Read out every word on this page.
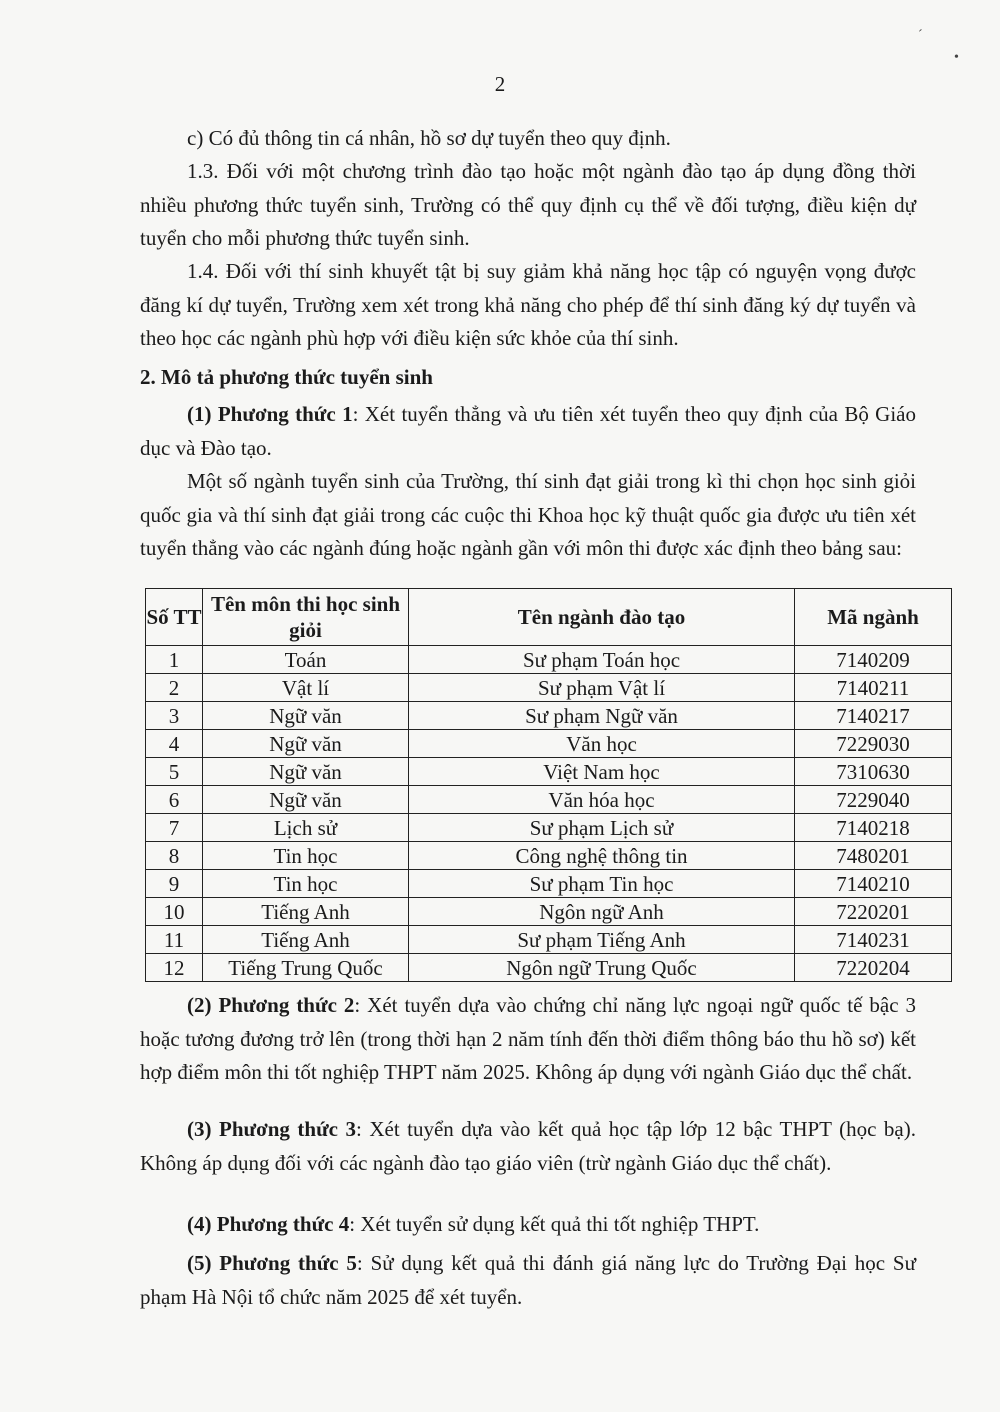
ˊ
•
2

c) Có đủ thông tin cá nhân, hồ sơ dự tuyển theo quy định.

1.3. Đối với một chương trình đào tạo hoặc một ngành đào tạo áp dụng đồng thời nhiều phương thức tuyển sinh, Trường có thể quy định cụ thể về đối tượng, điều kiện dự tuyển cho mỗi phương thức tuyển sinh.

1.4. Đối với thí sinh khuyết tật bị suy giảm khả năng học tập có nguyện vọng được đăng kí dự tuyển, Trường xem xét trong khả năng cho phép để thí sinh đăng ký dự tuyển và theo học các ngành phù hợp với điều kiện sức khỏe của thí sinh.

2. Mô tả phương thức tuyển sinh

(1) Phương thức 1: Xét tuyển thẳng và ưu tiên xét tuyển theo quy định của Bộ Giáo dục và Đào tạo.

Một số ngành tuyển sinh của Trường, thí sinh đạt giải trong kì thi chọn học sinh giỏi quốc gia và thí sinh đạt giải trong các cuộc thi Khoa học kỹ thuật quốc gia được ưu tiên xét tuyển thẳng vào các ngành đúng hoặc ngành gần với môn thi được xác định theo bảng sau:

Số TT	Tên môn thi học sinh giỏi	Tên ngành đào tạo	Mã ngành
1	Toán	Sư phạm Toán học	7140209
2	Vật lí	Sư phạm Vật lí	7140211
3	Ngữ văn	Sư phạm Ngữ văn	7140217
4	Ngữ văn	Văn học	7229030
5	Ngữ văn	Việt Nam học	7310630
6	Ngữ văn	Văn hóa học	7229040
7	Lịch sử	Sư phạm Lịch sử	7140218
8	Tin học	Công nghệ thông tin	7480201
9	Tin học	Sư phạm Tin học	7140210
10	Tiếng Anh	Ngôn ngữ Anh	7220201
11	Tiếng Anh	Sư phạm Tiếng Anh	7140231
12	Tiếng Trung Quốc	Ngôn ngữ Trung Quốc	7220204

(2) Phương thức 2: Xét tuyển dựa vào chứng chỉ năng lực ngoại ngữ quốc tế bậc 3 hoặc tương đương trở lên (trong thời hạn 2 năm tính đến thời điểm thông báo thu hồ sơ) kết hợp điểm môn thi tốt nghiệp THPT năm 2025. Không áp dụng với ngành Giáo dục thể chất.

(3) Phương thức 3: Xét tuyển dựa vào kết quả học tập lớp 12 bậc THPT (học bạ). Không áp dụng đối với các ngành đào tạo giáo viên (trừ ngành Giáo dục thể chất).

(4) Phương thức 4: Xét tuyển sử dụng kết quả thi tốt nghiệp THPT.

(5) Phương thức 5: Sử dụng kết quả thi đánh giá năng lực do Trường Đại học Sư phạm Hà Nội tổ chức năm 2025 để xét tuyển.
